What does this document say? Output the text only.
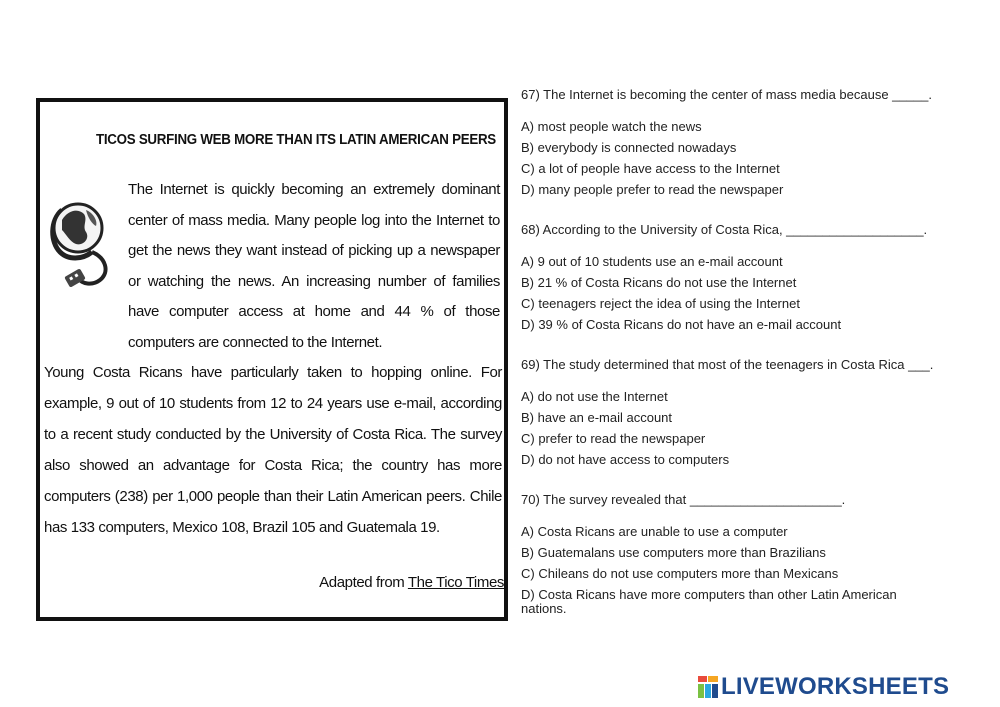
TICOS SURFING WEB MORE THAN ITS LATIN AMERICAN PEERS
The Internet is quickly becoming an extremely dominant center of mass media. Many people log into the Internet to get the news they want instead of picking up a newspaper or watching the news. An increasing number of families have computer access at home and 44 % of those computers are connected to the Internet.
Young Costa Ricans have particularly taken to hopping online. For example, 9 out of 10 students from 12 to 24 years use e-mail, according to a recent study conducted by the University of Costa Rica. The survey also showed an advantage for Costa Rica; the country has more computers (238) per 1,000 people than their Latin American peers. Chile has 133 computers, Mexico 108, Brazil 105 and Guatemala 19.
Adapted from The Tico Times
67) The Internet is becoming the center of mass media because _____.
A) most people watch the news
B) everybody is connected nowadays
C) a lot of people have access to the Internet
D) many people prefer to read the newspaper
68) According to the University of Costa Rica, ___________________.
A) 9 out of 10 students use an e-mail account
B) 21 % of Costa Ricans do not use the Internet
C) teenagers reject the idea of using the Internet
D) 39 % of Costa Ricans do not have an e-mail account
69) The study determined that most of the teenagers in Costa Rica ___.
A) do not use the Internet
B) have an e-mail account
C) prefer to read the newspaper
D) do not have access to computers
70) The survey revealed that _____________________.
A) Costa Ricans are unable to use a computer
B) Guatemalans use computers more than Brazilians
C) Chileans do not use computers more than Mexicans
D) Costa Ricans have more computers than other Latin American nations.
LIVEWORKSHEETS
